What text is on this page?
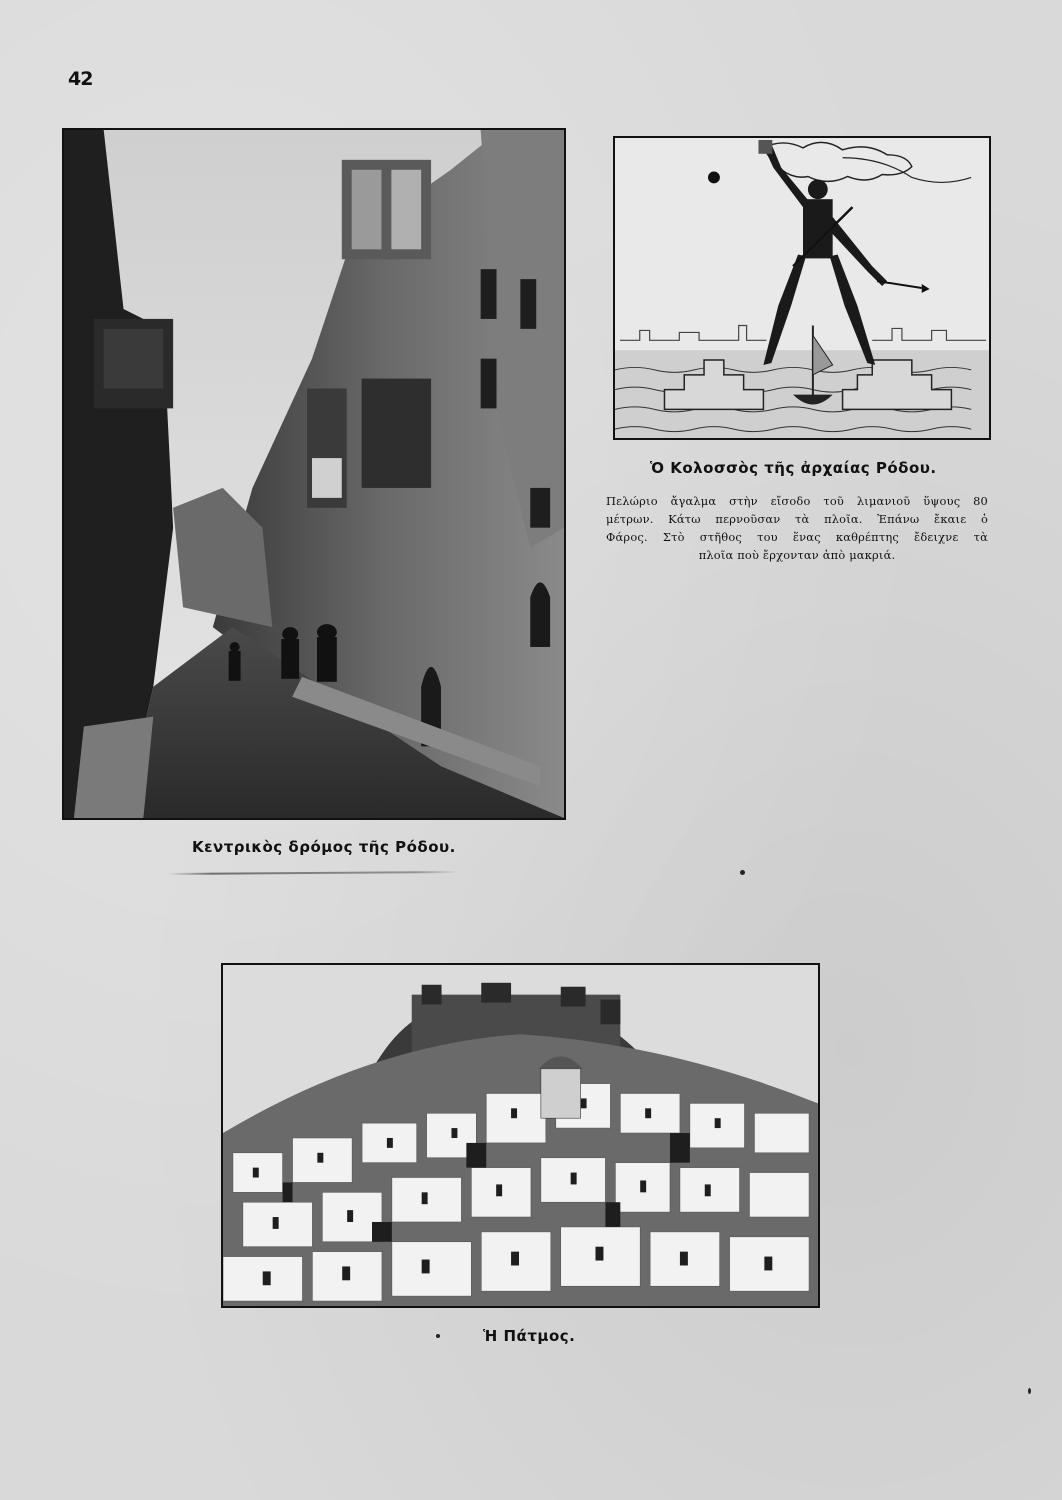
42
Ὁ Κολοσσὸς τῆς ἀρχαίας Ρόδου.
Πελώριο ἄγαλμα στὴν εἴσοδο τοῦ λιμανιοῦ ὕψους 80
μέτρων. Κάτω περνοῦσαν τὰ πλοῖα. Ἐπάνω ἔκαιε ὁ
Φάρος. Στὸ στῆθος του ἕνας καθρέπτης ἔδειχνε τὰ
πλοῖα ποὺ ἔρχονταν ἀπὸ μακριά.
Κεντρικὸς δρόμος τῆς Ρόδου.
Ἡ Πάτμος.
